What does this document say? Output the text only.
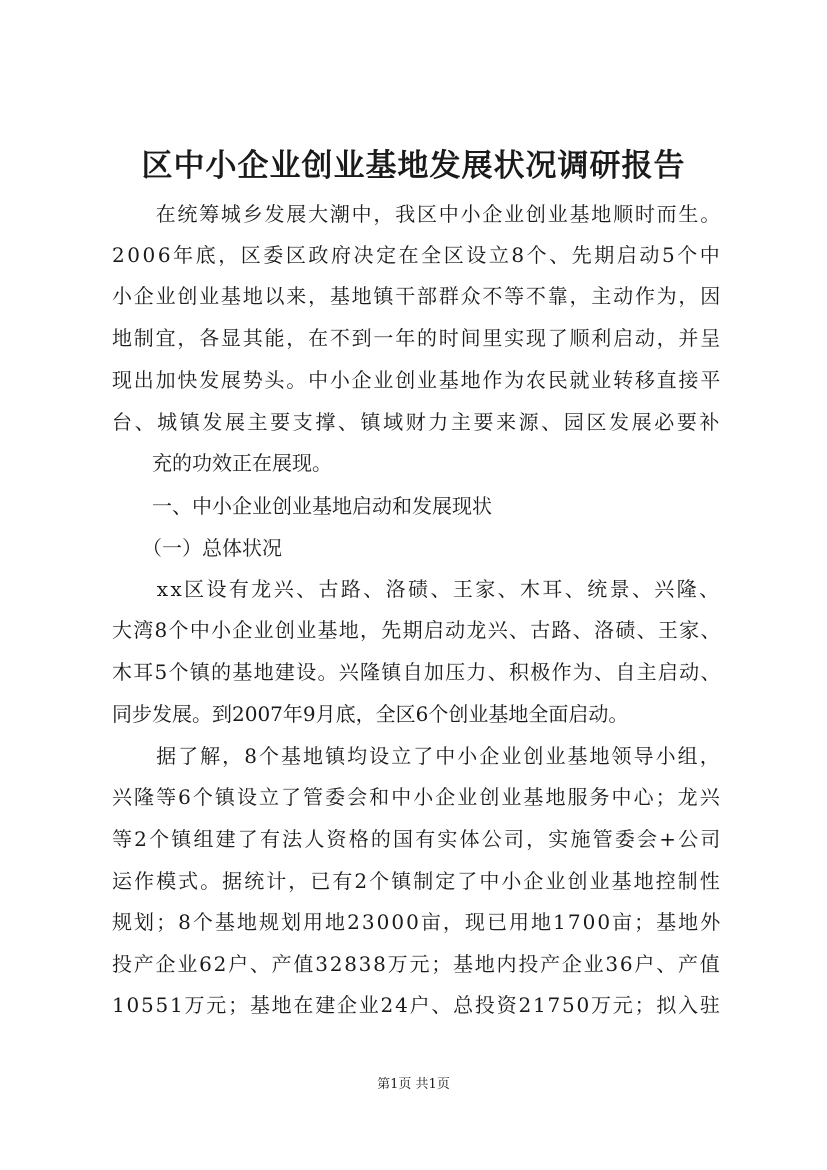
区中小企业创业基地发展状况调研报告
　　在统筹城乡发展大潮中，我区中小企业创业基地顺时而生。
2006年底，区委区政府决定在全区设立8个、先期启动5个中
小企业创业基地以来，基地镇干部群众不等不靠，主动作为，因
地制宜，各显其能，在不到一年的时间里实现了顺利启动，并呈
现出加快发展势头。中小企业创业基地作为农民就业转移直接平
台、城镇发展主要支撑、镇域财力主要来源、园区发展必要补
　　充的功效正在展现。
　　一、中小企业创业基地启动和发展现状
　　（一）总体状况
　　xx区设有龙兴、古路、洛碛、王家、木耳、统景、兴隆、
大湾8个中小企业创业基地，先期启动龙兴、古路、洛碛、王家、
木耳5个镇的基地建设。兴隆镇自加压力、积极作为、自主启动、
同步发展。到2007年9月底，全区6个创业基地全面启动。
　　据了解，8个基地镇均设立了中小企业创业基地领导小组，
兴隆等6个镇设立了管委会和中小企业创业基地服务中心；龙兴
等2个镇组建了有法人资格的国有实体公司，实施管委会+公司
运作模式。据统计，已有2个镇制定了中小企业创业基地控制性
规划；8个基地规划用地23000亩，现已用地1700亩；基地外
投产企业62户、产值32838万元；基地内投产企业36户、产值
10551万元；基地在建企业24户、总投资21750万元；拟入驻
第1页 共1页
